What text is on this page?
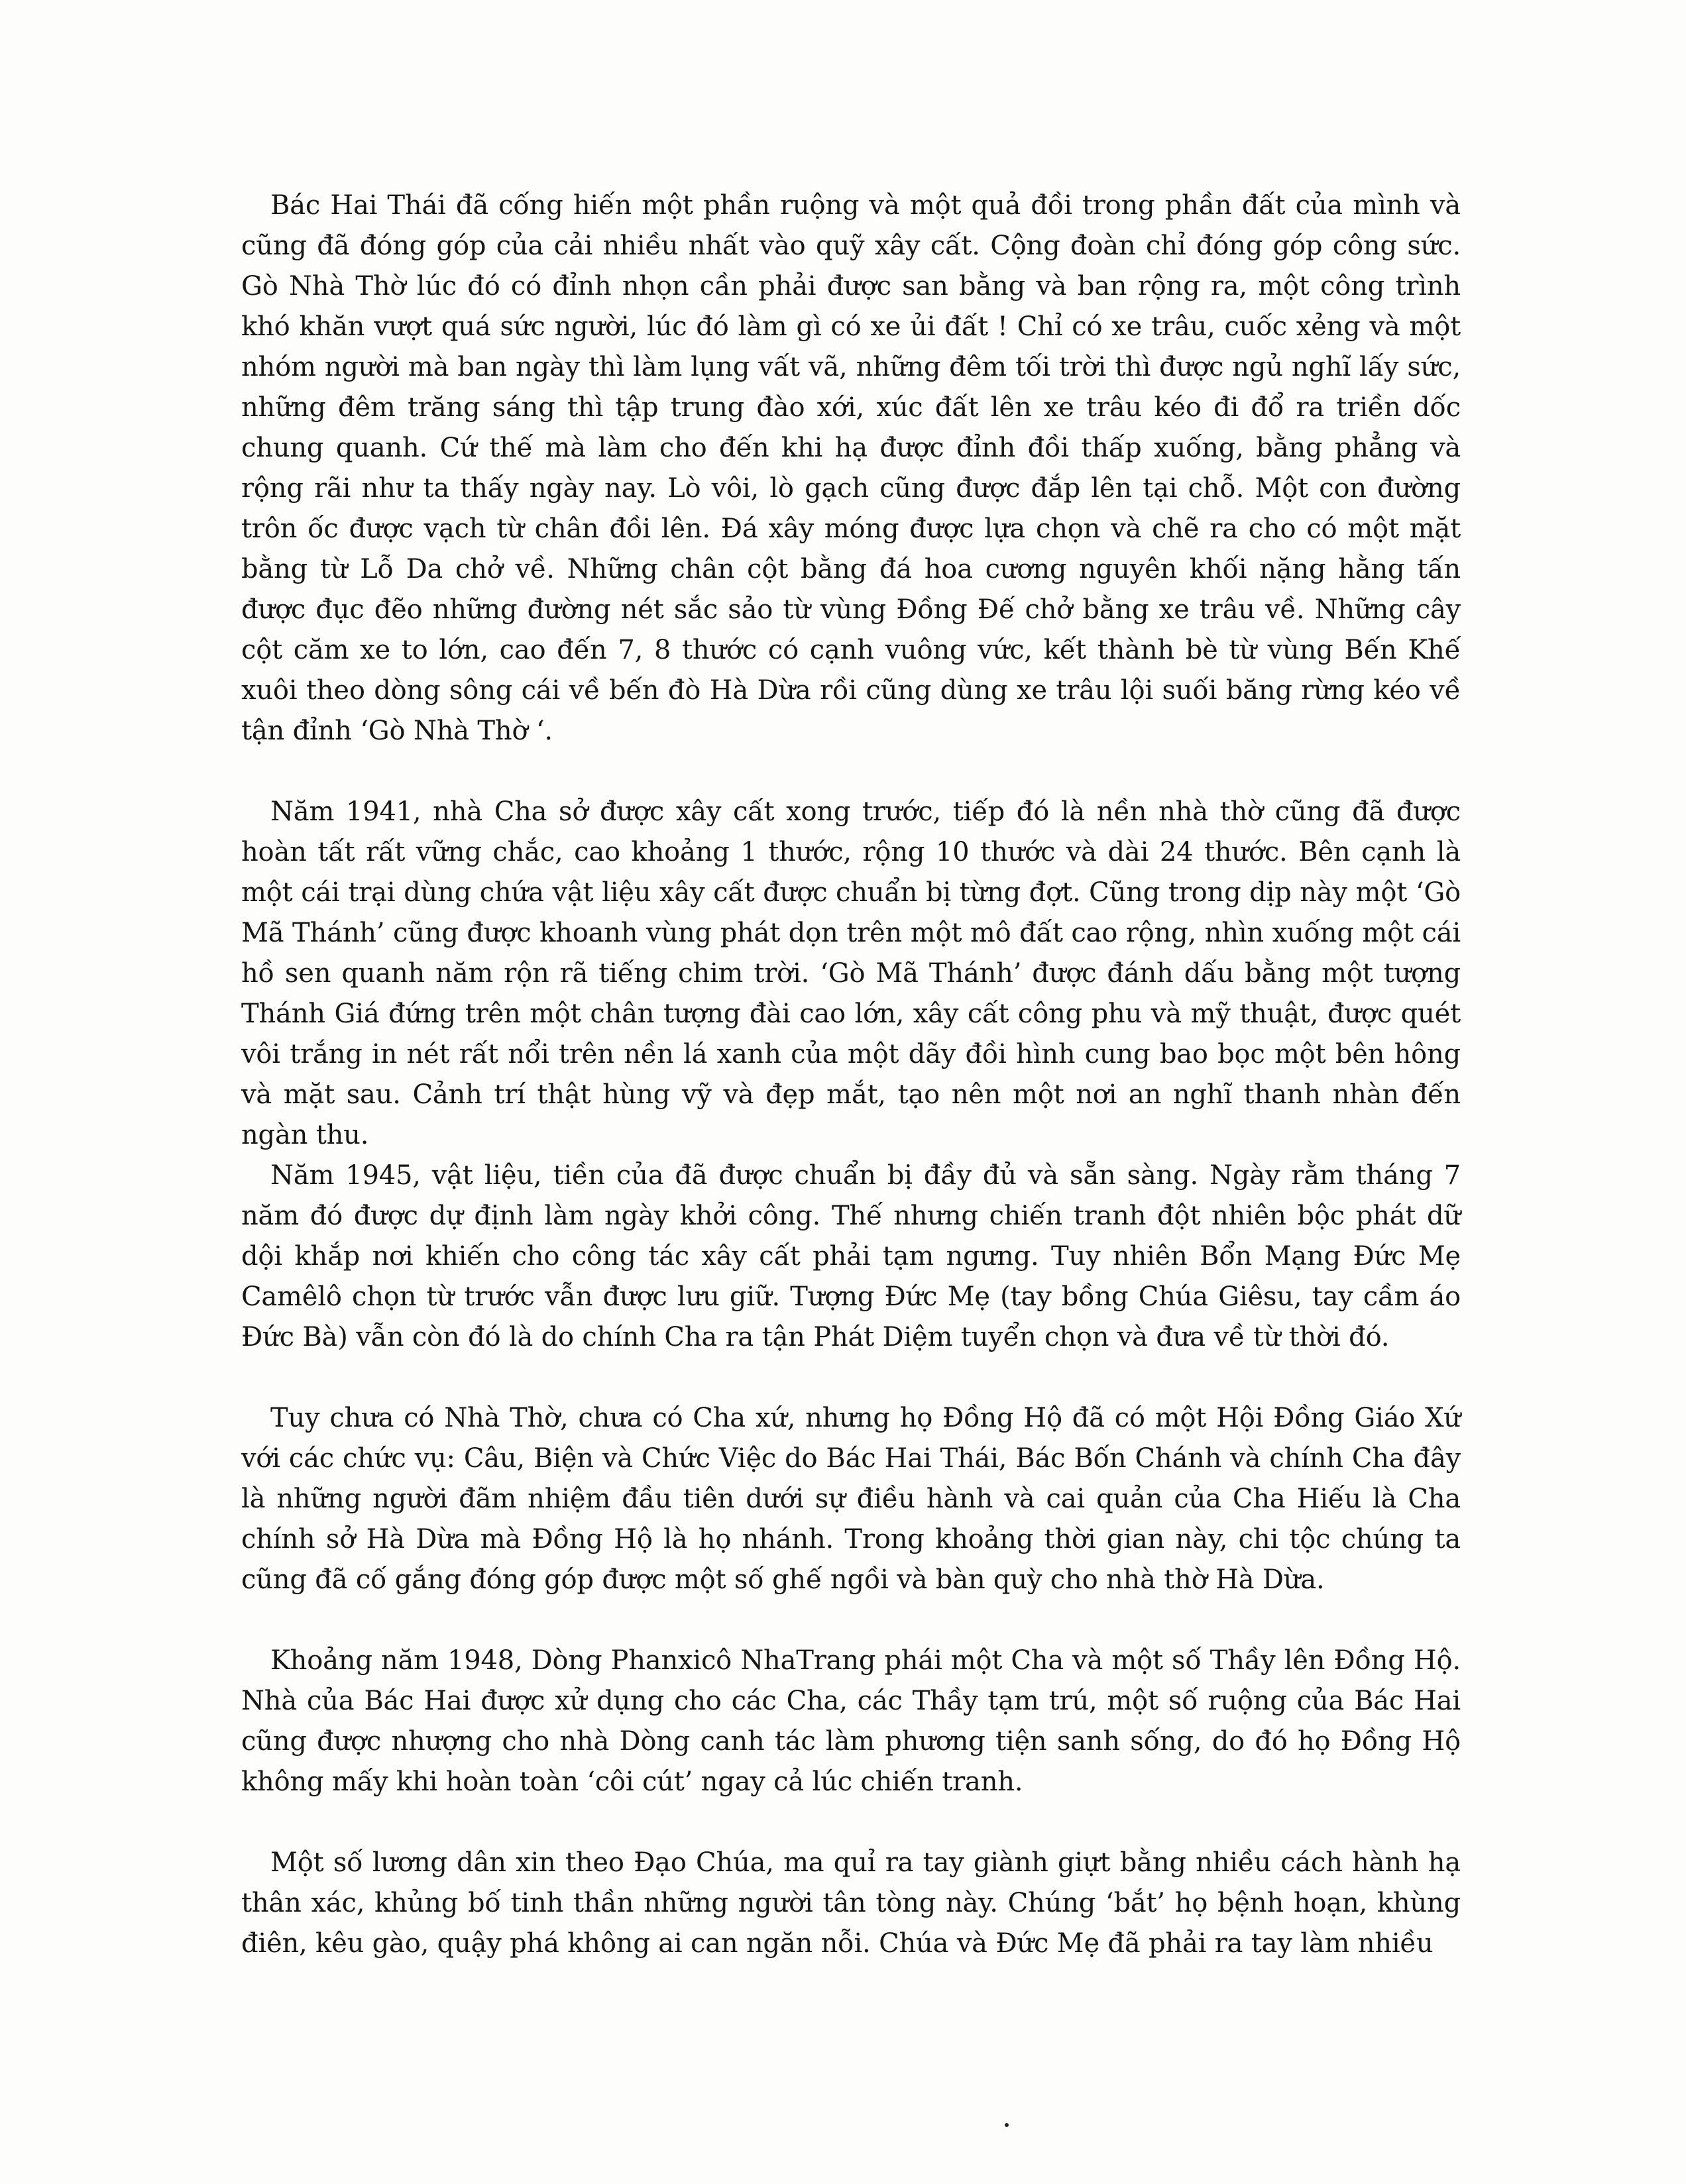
Bác Hai Thái đã cống hiến một phần ruộng và một quả đồi trong phần đất của mình và cũng đã đóng góp của cải nhiều nhất vào quỹ xây cất. Cộng đoàn chỉ đóng góp công sức. Gò Nhà Thờ lúc đó có đỉnh nhọn cần phải được san bằng và ban rộng ra, một công trình khó khăn vượt quá sức người, lúc đó làm gì có xe ủi đất ! Chỉ có xe trâu, cuốc xẻng và một nhóm người mà ban ngày thì làm lụng vất vã, những đêm tối trời thì được ngủ nghĩ lấy sức, những đêm trăng sáng thì tập trung đào xới, xúc đất lên xe trâu kéo đi đổ ra triền dốc chung quanh. Cứ thế mà làm cho đến khi hạ được đỉnh đồi thấp xuống, bằng phẳng và rộng rãi như ta thấy ngày nay. Lò vôi, lò gạch cũng được đắp lên tại chỗ. Một con đường trôn ốc được vạch từ chân đồi lên. Đá xây móng được lựa chọn và chẽ ra cho có một mặt bằng từ Lỗ Da chở về. Những chân cột bằng đá hoa cương nguyên khối nặng hằng tấn được đục đẽo những đường nét sắc sảo từ vùng Đồng Đế chở bằng xe trâu về. Những cây cột căm xe to lớn, cao đến 7, 8 thước có cạnh vuông vức, kết thành bè từ vùng Bến Khế xuôi theo dòng sông cái về bến đò Hà Dừa rồi cũng dùng xe trâu lội suối băng rừng kéo về tận đỉnh ‘Gò Nhà Thờ ‘.

Năm 1941, nhà Cha sở được xây cất xong trước, tiếp đó là nền nhà thờ cũng đã được hoàn tất rất vững chắc, cao khoảng 1 thước, rộng 10 thước và dài 24 thước. Bên cạnh là một cái trại dùng chứa vật liệu xây cất được chuẩn bị từng đợt. Cũng trong dịp này một ‘Gò Mã Thánh’ cũng được khoanh vùng phát dọn trên một mô đất cao rộng, nhìn xuống một cái hồ sen quanh năm rộn rã tiếng chim trời. ‘Gò Mã Thánh’ được đánh dấu bằng một tượng Thánh Giá đứng trên một chân tượng đài cao lớn, xây cất công phu và mỹ thuật, được quét vôi trắng in nét rất nổi trên nền lá xanh của một dãy đồi hình cung bao bọc một bên hông và mặt sau. Cảnh trí thật hùng vỹ và đẹp mắt, tạo nên một nơi an nghĩ thanh nhàn đến ngàn thu.

Năm 1945, vật liệu, tiền của đã được chuẩn bị đầy đủ và sẵn sàng. Ngày rằm tháng 7 năm đó được dự định làm ngày khởi công. Thế nhưng chiến tranh đột nhiên bộc phát dữ dội khắp nơi khiến cho công tác xây cất phải tạm ngưng. Tuy nhiên Bổn Mạng Đức Mẹ Camêlô chọn từ trước vẫn được lưu giữ. Tượng Đức Mẹ (tay bồng Chúa Giêsu, tay cầm áo Đức Bà) vẫn còn đó là do chính Cha ra tận Phát Diệm tuyển chọn và đưa về từ thời đó.

Tuy chưa có Nhà Thờ, chưa có Cha xứ, nhưng họ Đồng Hộ đã có một Hội Đồng Giáo Xứ với các chức vụ: Câu, Biện và Chức Việc do Bác Hai Thái, Bác Bốn Chánh và chính Cha đây là những người đãm nhiệm đầu tiên dưới sự điều hành và cai quản của Cha Hiếu là Cha chính sở Hà Dừa mà Đồng Hộ là họ nhánh. Trong khoảng thời gian này, chi tộc chúng ta cũng đã cố gắng đóng góp được một số ghế ngồi và bàn quỳ cho nhà thờ Hà Dừa.

Khoảng năm 1948, Dòng Phanxicô NhaTrang phái một Cha và một số Thầy lên Đồng Hộ. Nhà của Bác Hai được xử dụng cho các Cha, các Thầy tạm trú, một số ruộng của Bác Hai cũng được nhượng cho nhà Dòng canh tác làm phương tiện sanh sống, do đó họ Đồng Hộ không mấy khi hoàn toàn ‘côi cút’ ngay cả lúc chiến tranh.

Một số lương dân xin theo Đạo Chúa, ma quỉ ra tay giành giựt bằng nhiều cách hành hạ thân xác, khủng bố tinh thần những người tân tòng này. Chúng ‘bắt’ họ bệnh hoạn, khùng điên, kêu gào, quậy phá không ai can ngăn nỗi. Chúa và Đức Mẹ đã phải ra tay làm nhiều
